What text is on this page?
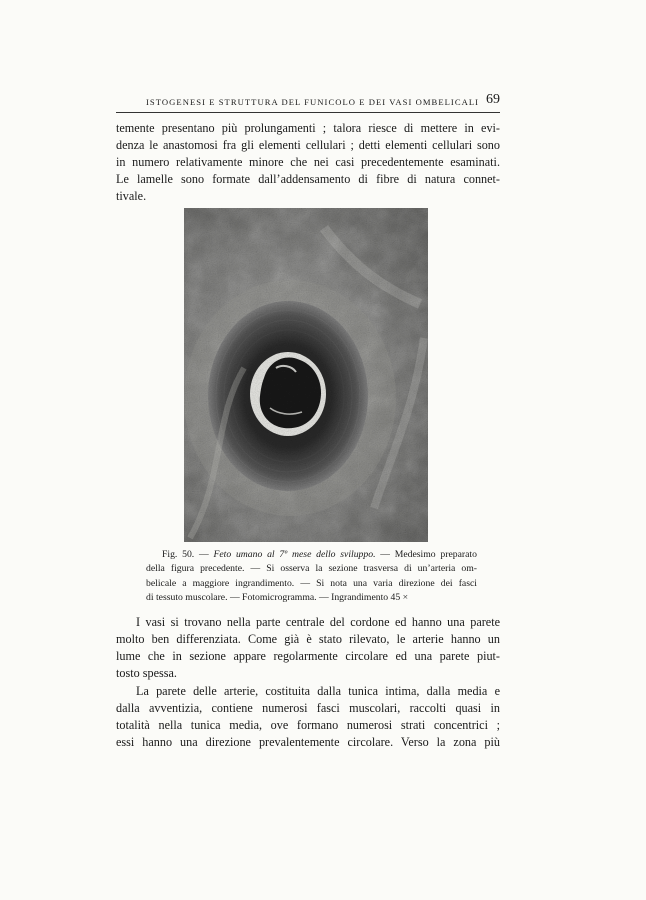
ISTOGENESI E STRUTTURA DEL FUNICOLO E DEI VASI OMBELICALI 69
temente presentano più prolungamenti ; talora riesce di mettere in evi-
denza le anastomosi fra gli elementi cellulari ; detti elementi cellulari sono
in numero relativamente minore che nei casi precedentemente esaminati.
Le lamelle sono formate dall’addensamento di fibre di natura connet-
tivale.
Fig. 50. — Feto umano al 7º mese dello sviluppo. — Medesimo preparato
della figura precedente. — Si osserva la sezione trasversa di un’arteria om-
belicale a maggiore ingrandimento. — Si nota una varia direzione dei fasci
di tessuto muscolare. — Fotomicrogramma. — Ingrandimento 45 ×
I vasi si trovano nella parte centrale del cordone ed hanno una parete
molto ben differenziata. Come già è stato rilevato, le arterie hanno un
lume che in sezione appare regolarmente circolare ed una parete piut-
tosto spessa.
La parete delle arterie, costituita dalla tunica intima, dalla media e
dalla avventizia, contiene numerosi fasci muscolari, raccolti quasi in
totalità nella tunica media, ove formano numerosi strati concentrici ;
essi hanno una direzione prevalentemente circolare. Verso la zona più
